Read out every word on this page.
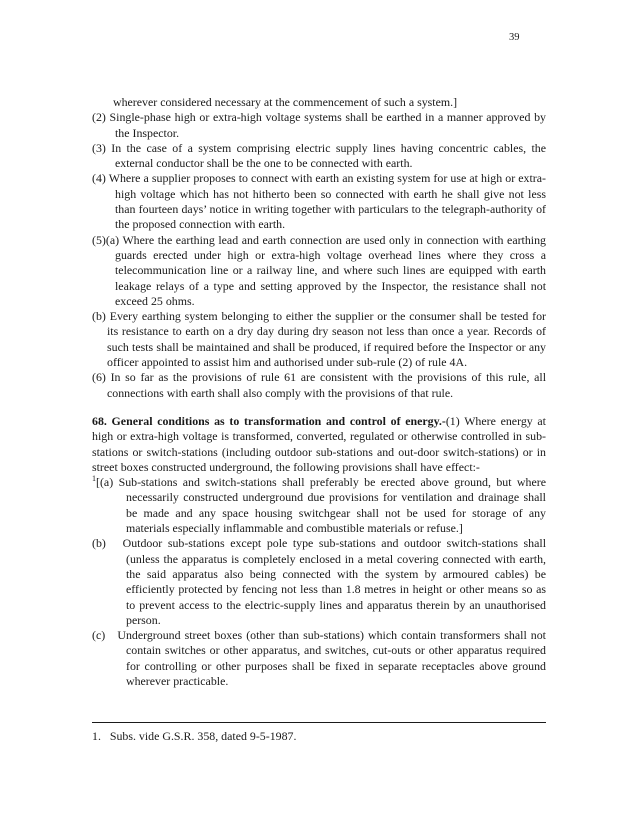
39

wherever considered necessary at the commencement of such a system.]

(2) Single-phase high or extra-high voltage systems shall be earthed in a manner approved by the Inspector.

(3) In the case of a system comprising electric supply lines having concentric cables, the external conductor shall be the one to be connected with earth.

(4) Where a supplier proposes to connect with earth an existing system for use at high or extra-high voltage which has not hitherto been so connected with earth he shall give not less than fourteen days’ notice in writing together with particulars to the telegraph-authority of the proposed connection with earth.

(5)(a) Where the earthing lead and earth connection are used only in connection with earthing guards erected under high or extra-high voltage overhead lines where they cross a telecommunication line or a railway line, and where such lines are equipped with earth leakage relays of a type and setting approved by the Inspector, the resistance shall not exceed 25 ohms.

(b) Every earthing system belonging to either the supplier or the consumer shall be tested for its resistance to earth on a dry day during dry season not less than once a year. Records of such tests shall be maintained and shall be produced, if required before the Inspector or any officer appointed to assist him and authorised under sub-rule (2) of rule 4A.

(6) In so far as the provisions of rule 61 are consistent with the provisions of this rule, all connections with earth shall also comply with the provisions of that rule.

68. General conditions as to transformation and control of energy.-(1) Where energy at high or extra-high voltage is transformed, converted, regulated or otherwise controlled in sub-stations or switch-stations (including outdoor sub-stations and out-door switch-stations) or in street boxes constructed underground, the following provisions shall have effect:-

$^1$[(a) Sub-stations and switch-stations shall preferably be erected above ground, but where necessarily constructed underground due provisions for ventilation and drainage shall be made and any space housing switchgear shall not be used for storage of any materials especially inflammable and combustible materials or refuse.]

(b) Outdoor sub-stations except pole type sub-stations and outdoor switch-stations shall (unless the apparatus is completely enclosed in a metal covering connected with earth, the said apparatus also being connected with the system by armoured cables) be efficiently protected by fencing not less than 1.8 metres in height or other means so as to prevent access to the electric-supply lines and apparatus therein by an unauthorised person.

(c) Underground street boxes (other than sub-stations) which contain transformers shall not contain switches or other apparatus, and switches, cut-outs or other apparatus required for controlling or other purposes shall be fixed in separate receptacles above ground wherever practicable.

1. Subs. vide G.S.R. 358, dated 9-5-1987.
